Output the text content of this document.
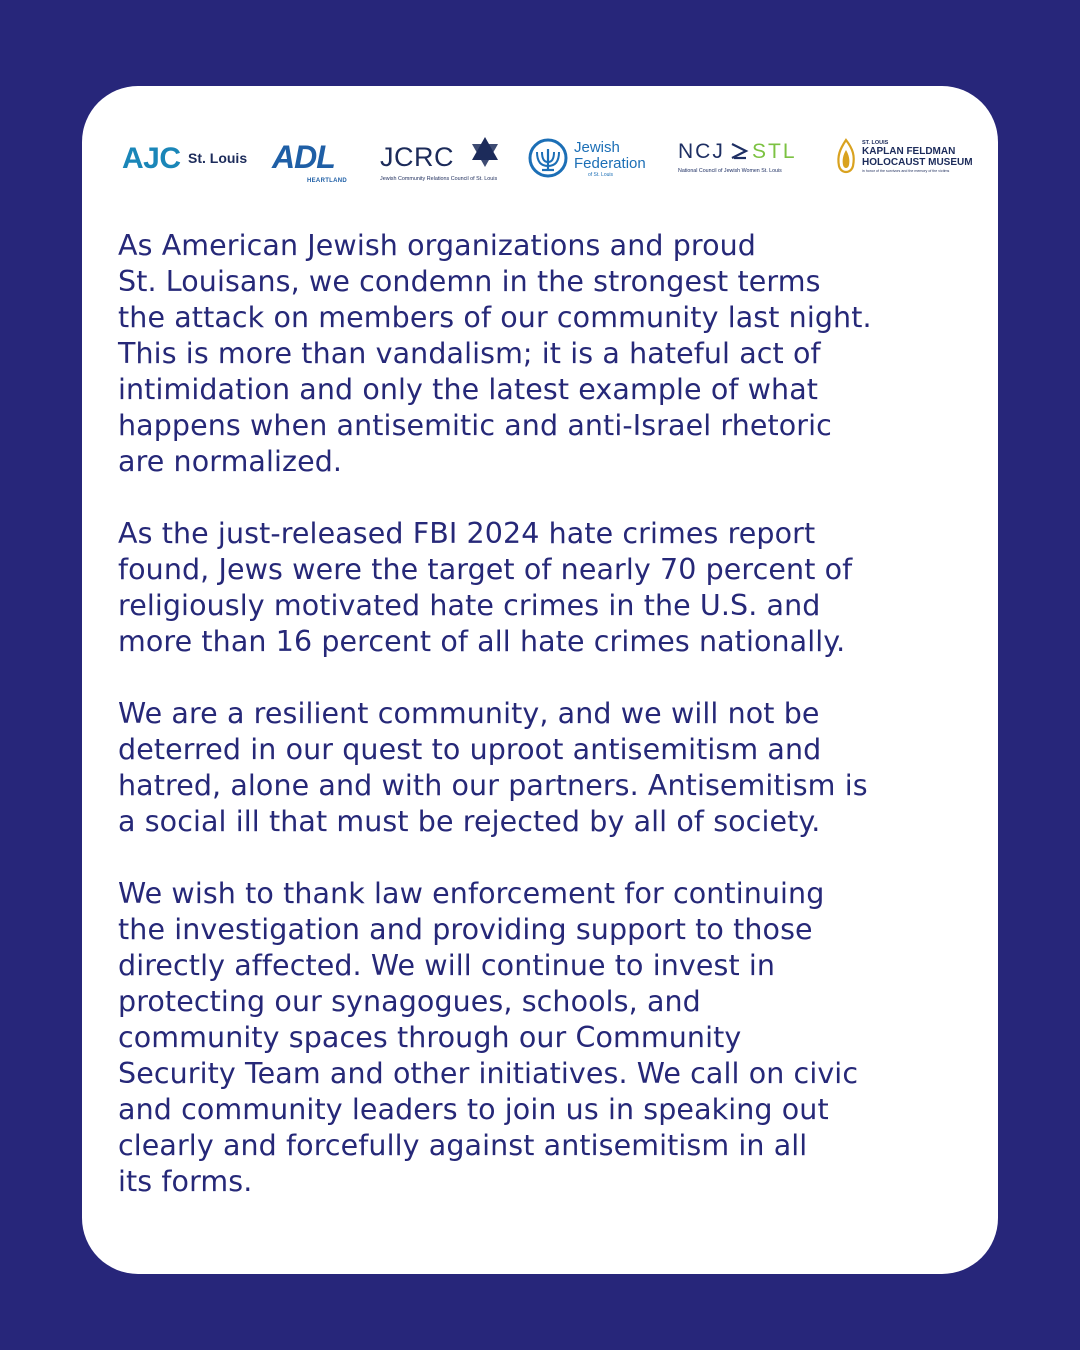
AJC St. Louis ADL
HEARTLAND
JCRC
Jewish Community Relations Council of St. Louis
Jewish
Federation
of St. Louis
NCJ STL
National Council of Jewish Women St. Louis
ST. LOUIS
KAPLAN FELDMAN
HOLOCAUST MUSEUM
in honor of the survivors and the memory of the victims
As American Jewish organizations and proud
St. Louisans, we condemn in the strongest terms
the attack on members of our community last night.
This is more than vandalism; it is a hateful act of
intimidation and only the latest example of what
happens when antisemitic and anti-Israel rhetoric
are normalized.
As the just-released FBI 2024 hate crimes report
found, Jews were the target of nearly 70 percent of
religiously motivated hate crimes in the U.S. and
more than 16 percent of all hate crimes nationally.
We are a resilient community, and we will not be
deterred in our quest to uproot antisemitism and
hatred, alone and with our partners. Antisemitism is
a social ill that must be rejected by all of society.
We wish to thank law enforcement for continuing
the investigation and providing support to those
directly affected. We will continue to invest in
protecting our synagogues, schools, and
community spaces through our Community
Security Team and other initiatives. We call on civic
and community leaders to join us in speaking out
clearly and forcefully against antisemitism in all
its forms.
